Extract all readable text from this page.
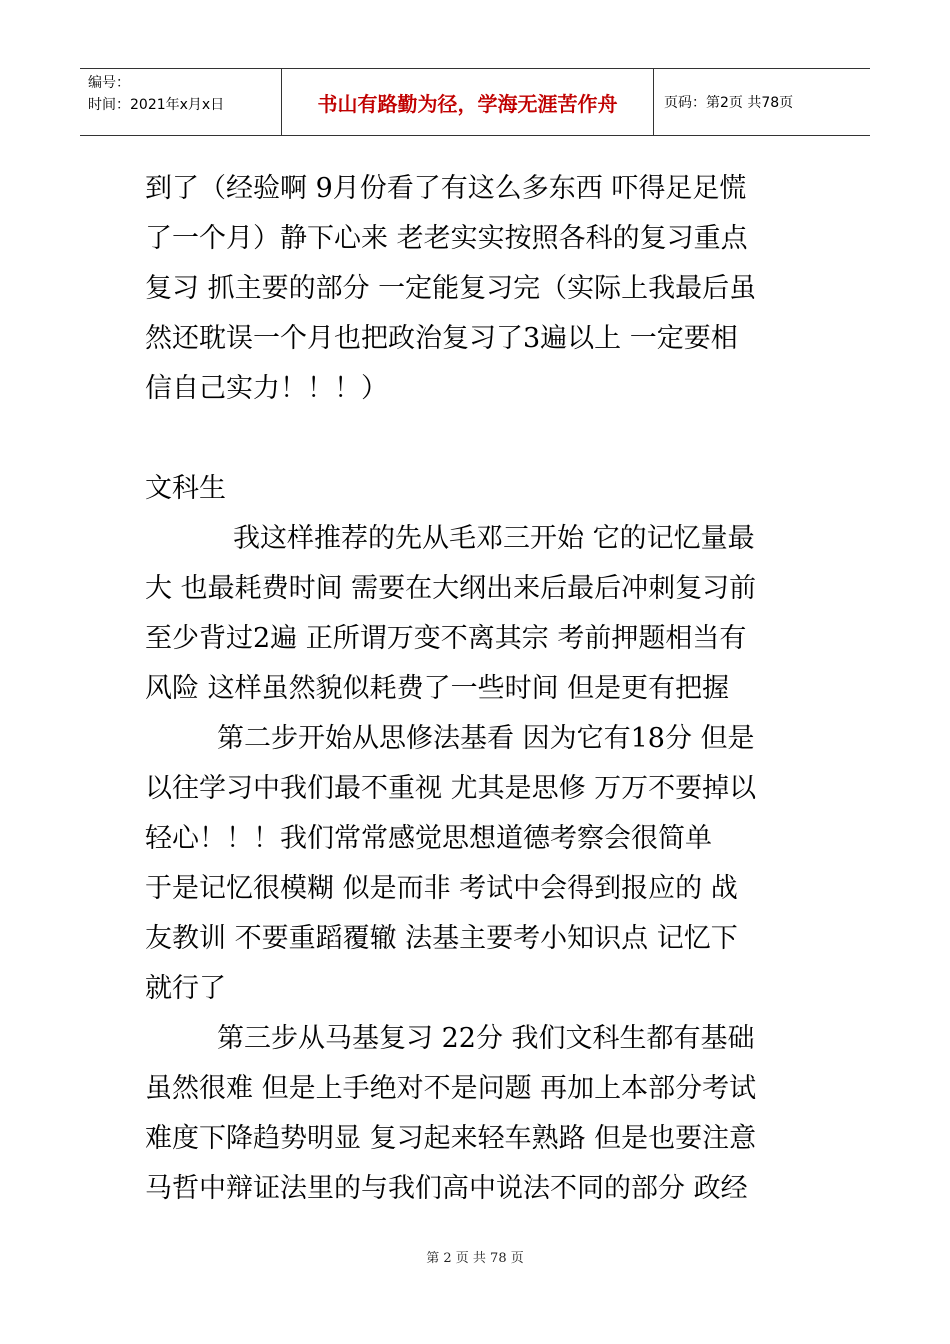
编号：
时间：2021年x月x日	书山有路勤为径，学海无涯苦作舟	页码：第2页 共78页
到了（经验啊 9月份看了有这么多东西 吓得足足慌
了一个月）静下心来 老老实实按照各科的复习重点
复习 抓主要的部分 一定能复习完（实际上我最后虽
然还耽误一个月也把政治复习了3遍以上 一定要相
信自己实力！！！）
文科生
我这样推荐的先从毛邓三开始 它的记忆量最
大 也最耗费时间 需要在大纲出来后最后冲刺复习前
至少背过2遍 正所谓万变不离其宗 考前押题相当有
风险 这样虽然貌似耗费了一些时间 但是更有把握
第二步开始从思修法基看 因为它有18分 但是
以往学习中我们最不重视 尤其是思修 万万不要掉以
轻心！！！我们常常感觉思想道德考察会很简单
于是记忆很模糊 似是而非 考试中会得到报应的 战
友教训 不要重蹈覆辙 法基主要考小知识点 记忆下
就行了
第三步从马基复习 22分 我们文科生都有基础
虽然很难 但是上手绝对不是问题 再加上本部分考试
难度下降趋势明显 复习起来轻车熟路 但是也要注意
马哲中辩证法里的与我们高中说法不同的部分 政经
第 2 页 共 78 页
